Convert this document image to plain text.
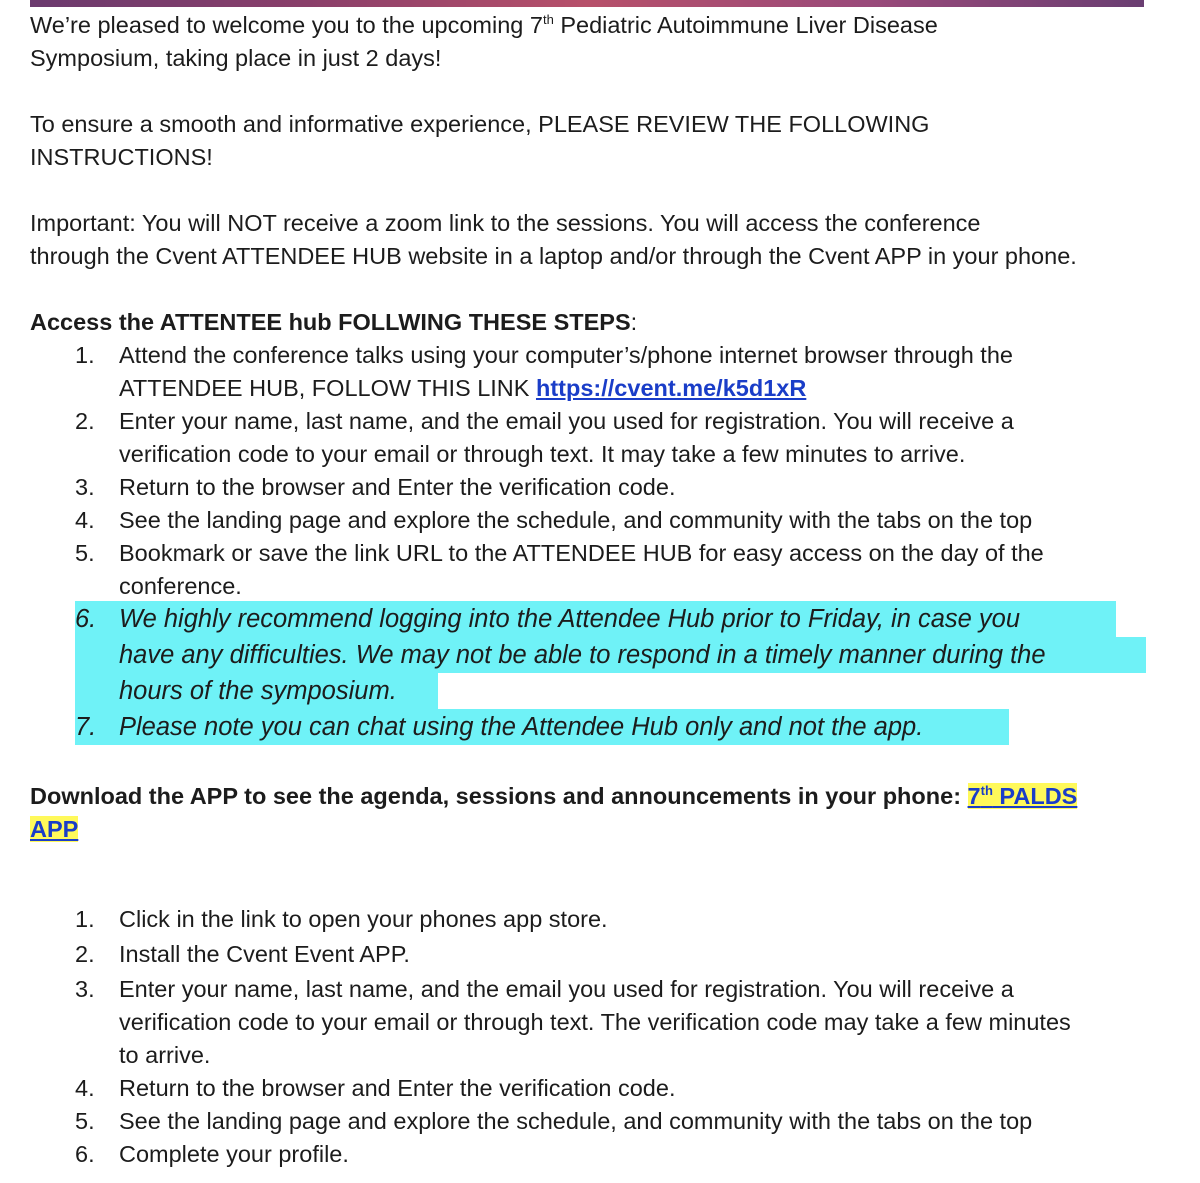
We’re pleased to welcome you to the upcoming 7th Pediatric Autoimmune Liver Disease
Symposium, taking place in just 2 days!
To ensure a smooth and informative experience, PLEASE REVIEW THE FOLLOWING
INSTRUCTIONS!
Important: You will NOT receive a zoom link to the sessions. You will access the conference
through the Cvent ATTENDEE HUB website in a laptop and/or through the Cvent APP in your phone.
Access the ATTENTEE hub FOLLWING THESE STEPS:
1.	Attend the conference talks using your computer’s/phone internet browser through the
ATTENDEE HUB, FOLLOW THIS LINK https://cvent.me/k5d1xR
2.	Enter your name, last name, and the email you used for registration. You will receive a
verification code to your email or through text. It may take a few minutes to arrive.
3.	Return to the browser and Enter the verification code.
4.	See the landing page and explore the schedule, and community with the tabs on the top
5.	Bookmark or save the link URL to the ATTENDEE HUB for easy access on the day of the
conference.
6. We highly recommend logging into the Attendee Hub prior to Friday, in case you
have any difficulties. We may not be able to respond in a timely manner during the
hours of the symposium.
7. Please note you can chat using the Attendee Hub only and not the app.
Download the APP to see the agenda, sessions and announcements in your phone: 7th PALDS
APP
1.	Click in the link to open your phones app store.
2.	Install the Cvent Event APP.
3.	Enter your name, last name, and the email you used for registration. You will receive a
verification code to your email or through text. The verification code may take a few minutes
to arrive.
4.	Return to the browser and Enter the verification code.
5.	See the landing page and explore the schedule, and community with the tabs on the top
6.	Complete your profile.
